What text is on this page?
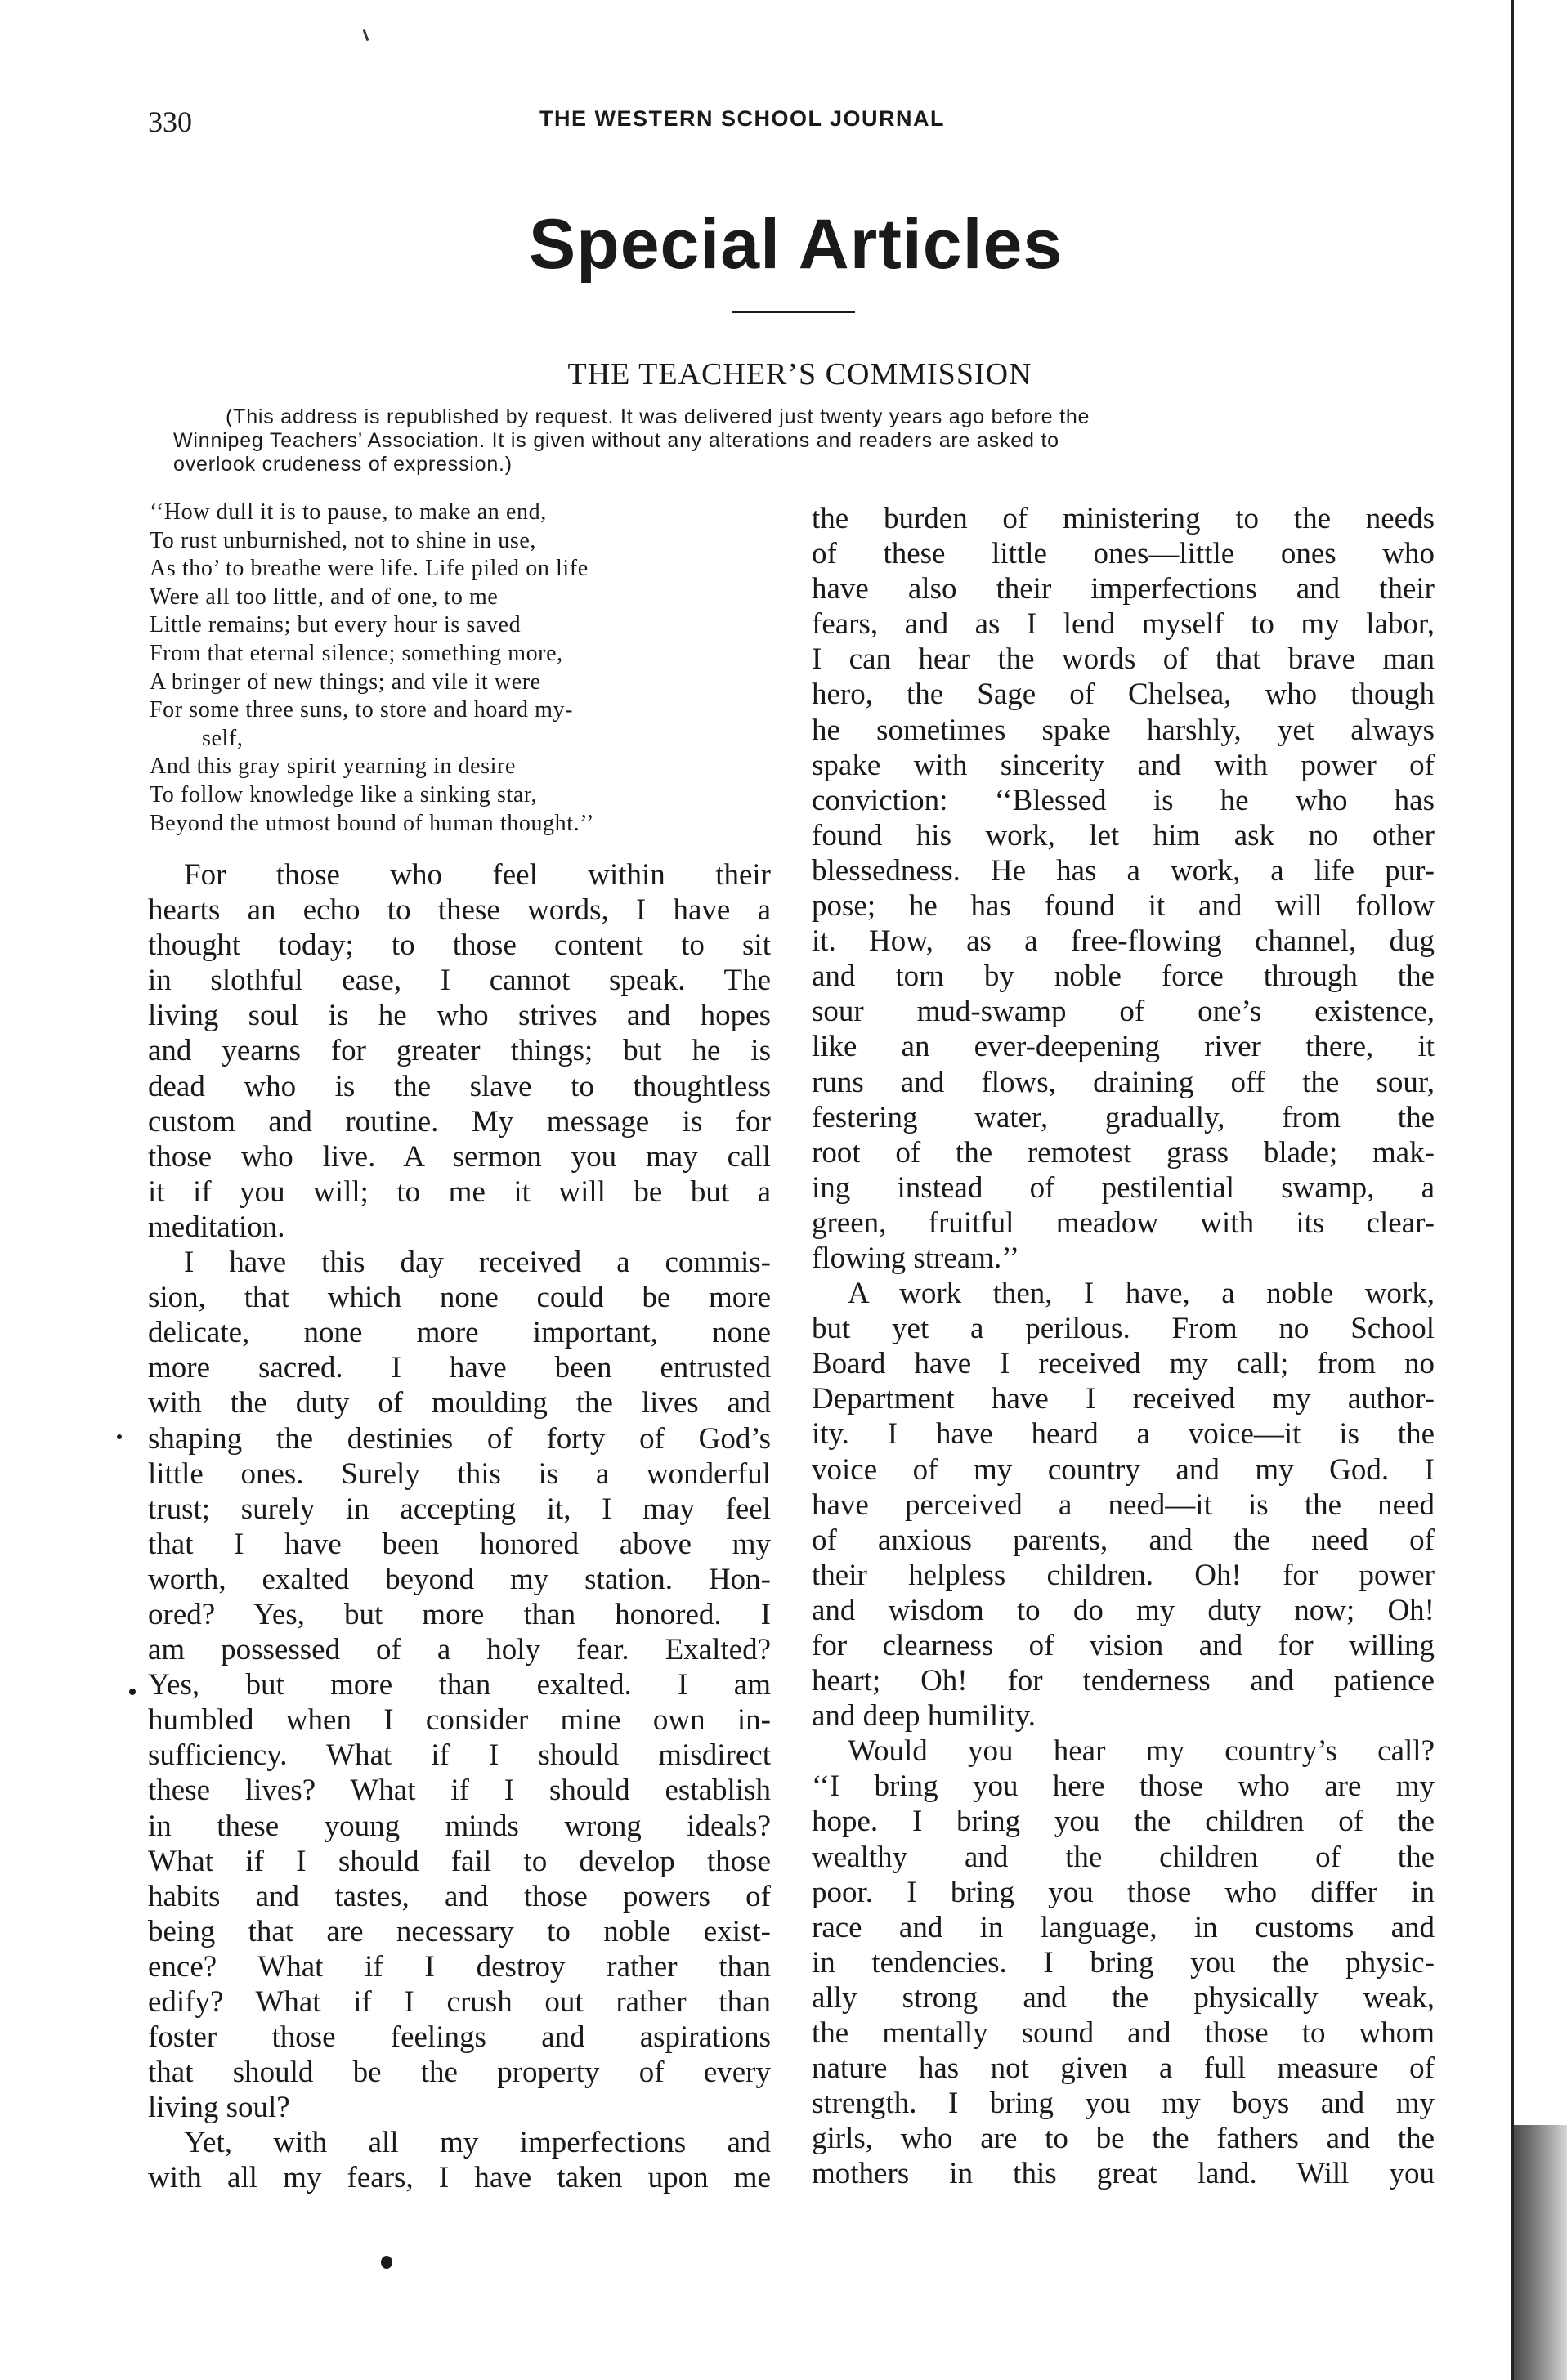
330	THE WESTERN SCHOOL JOURNAL
Special Articles
THE TEACHER’S COMMISSION
(This address is republished by request. It was delivered just twenty years ago before the
Winnipeg Teachers’ Association. It is given without any alterations and readers are asked to
overlook crudeness of expression.)
‘‘How dull it is to pause, to make an end,
To rust unburnished, not to shine in use,
As tho’ to breathe were life. Life piled on life
Were all too little, and of one, to me
Little remains; but every hour is saved
From that eternal silence; something more,
A bringer of new things; and vile it were
For some three suns, to store and hoard my-
self,
And this gray spirit yearning in desire
To follow knowledge like a sinking star,
Beyond the utmost bound of human thought.’’
For those who feel within their
hearts an echo to these words, I have a
thought today; to those content to sit
in slothful ease, I cannot speak. The
living soul is he who strives and hopes
and yearns for greater things; but he is
dead who is the slave to thoughtless
custom and routine. My message is for
those who live. A sermon you may call
it if you will; to me it will be but a
meditation.
I have this day received a commis-
sion, that which none could be more
delicate, none more important, none
more sacred. I have been entrusted
with the duty of moulding the lives and
shaping the destinies of forty of God’s
little ones. Surely this is a wonderful
trust; surely in accepting it, I may feel
that I have been honored above my
worth, exalted beyond my station. Hon-
ored? Yes, but more than honored. I
am possessed of a holy fear. Exalted?
Yes, but more than exalted. I am
humbled when I consider mine own in-
sufficiency. What if I should misdirect
these lives? What if I should establish
in these young minds wrong ideals?
What if I should fail to develop those
habits and tastes, and those powers of
being that are necessary to noble exist-
ence? What if I destroy rather than
edify? What if I crush out rather than
foster those feelings and aspirations
that should be the property of every
living soul?
Yet, with all my imperfections and
with all my fears, I have taken upon me
the burden of ministering to the needs
of these little ones—little ones who
have also their imperfections and their
fears, and as I lend myself to my labor,
I can hear the words of that brave man
hero, the Sage of Chelsea, who though
he sometimes spake harshly, yet always
spake with sincerity and with power of
conviction: ‘‘Blessed is he who has
found his work, let him ask no other
blessedness. He has a work, a life pur-
pose; he has found it and will follow
it. How, as a free-flowing channel, dug
and torn by noble force through the
sour mud-swamp of one’s existence,
like an ever-deepening river there, it
runs and flows, draining off the sour,
festering water, gradually, from the
root of the remotest grass blade; mak-
ing instead of pestilential swamp, a
green, fruitful meadow with its clear-
flowing stream.’’
A work then, I have, a noble work,
but yet a perilous. From no School
Board have I received my call; from no
Department have I received my author-
ity. I have heard a voice—it is the
voice of my country and my God. I
have perceived a need—it is the need
of anxious parents, and the need of
their helpless children. Oh! for power
and wisdom to do my duty now; Oh!
for clearness of vision and for willing
heart; Oh! for tenderness and patience
and deep humility.
Would you hear my country’s call?
‘‘I bring you here those who are my
hope. I bring you the children of the
wealthy and the children of the
poor. I bring you those who differ in
race and in language, in customs and
in tendencies. I bring you the physic-
ally strong and the physically weak,
the mentally sound and those to whom
nature has not given a full measure of
strength. I bring you my boys and my
girls, who are to be the fathers and the
mothers in this great land. Will you
